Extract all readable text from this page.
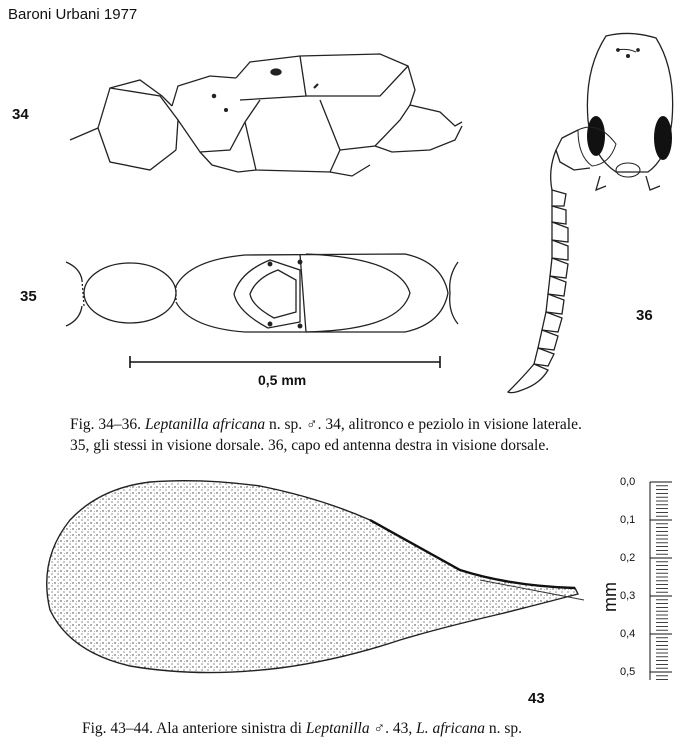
Baroni Urbani 1977
34
35
36
43
0,5 mm
Fig. 34–36. Leptanilla africana n. sp. ♂. 34, alitronco e peziolo in visione laterale.
35, gli stessi in visione dorsale. 36, capo ed antenna destra in visione dorsale.
0,0
0,1
0,2
0,3
0,4
0,5
mm
Fig. 43–44. Ala anteriore sinistra di Leptanilla ♂. 43, L. africana n. sp.
